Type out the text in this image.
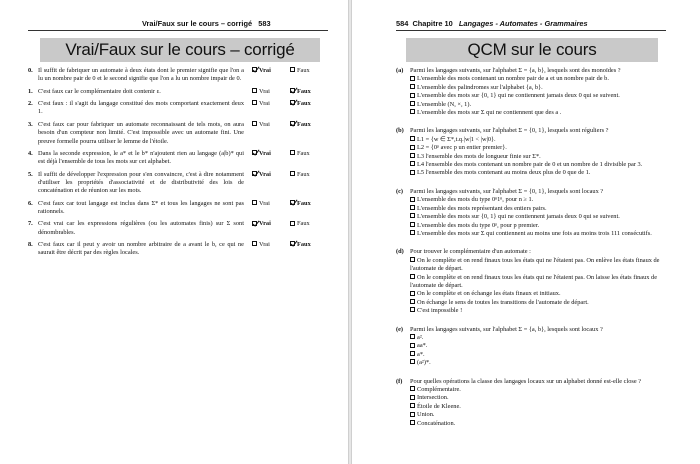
Vrai/Faux sur le cours – corrigé 583
Vrai/Faux sur le cours – corrigé
0. Il suffit de fabriquer un automate à deux états dont le premier signifie que l'on a lu un nombre pair de 0 et le second signifie que l'on a lu un nombre impair de 0.
Vrai	Faux
1. C'est faux car le complémentaire doit contenir ε.	Vrai	Faux
2. C'est faux : il s'agit du langage constitué des mots comportant exactement deux 1.
Vrai	Faux
3. C'est faux car pour fabriquer un automate reconnaissant de tels mots, on aura besoin d'un compteur non limité. C'est impossible avec un automate fini. Une preuve formelle pourra utiliser le lemme de l'étoile.
Vrai	Faux
4. Dans la seconde expression, le a* et le b* n'ajoutent rien au langage (a|b)* qui est déjà l'ensemble de tous les mots sur cet alphabet.
Vrai	Faux
5. Il suffit de développer l'expression pour s'en convaincre, c'est à dire notamment d'utiliser les propriétés d'associativité et de distributivité des lois de concaténation et de réunion sur les mots.
Vrai	Faux
6. C'est faux car tout langage est inclus dans Σ* et tous les langages ne sont pas rationnels.
Vrai	Faux
7. C'est vrai car les expressions régulières (ou les automates finis) sur Σ sont dénombrables.
Vrai	Faux
8. C'est faux car il peut y avoir un nombre arbitraire de a avant le b, ce qui ne saurait être décrit par des règles locales.
Vrai	Faux
584 Chapitre 10 Langages - Automates - Grammaires
QCM sur le cours
(a)	Parmi les langages suivants, sur l'alphabet Σ = {a, b}, lesquels sont des monoïdes ?
L'ensemble des mots contenant un nombre pair de a et un nombre pair de b.
L'ensemble des palindromes sur l'alphabet {a, b}.
L'ensemble des mots sur {0, 1} qui ne contiennent jamais deux 0 qui se suivent.
L'ensemble (N, ×, 1).
L'ensemble des mots sur Σ qui ne contiennent que des a .
(b) Parmi les langages suivants, sur l'alphabet Σ = {0, 1}, lesquels sont réguliers ?
L1 = {w ∈ Σ*,t.q.|w|1 < |w|0}.
L2 = {0ᵖ avec p un entier premier}.
L3 l'ensemble des mots de longueur finie sur Σ*.
L4 l'ensemble des mots contenant un nombre pair de 0 et un nombre de 1 divisible par 3.
L5 l'ensemble des mots contenant au moins deux plus de 0 que de 1.
(c)	Parmi les langages suivants, sur l'alphabet Σ = {0, 1}, lesquels sont locaux ?
L'ensemble des mots du type 0ⁿ1ⁿ, pour n ≥ 1.
L'ensemble des mots représentant des entiers pairs.
L'ensemble des mots sur {0, 1} qui ne contiennent jamais deux 0 qui se suivent.
L'ensemble des mots du type 0ᵖ, pour p premier.
L'ensemble des mots sur Σ qui contiennent au moins une fois au moins trois 111 consécutifs.
(d) Pour trouver le complémentaire d'un automate :
On le complète et on rend finaux tous les états qui ne l'étaient pas. On enlève les états finaux de l'automate de départ.
On le complète et on rend finaux tous les états qui ne l'étaient pas. On laisse les états finaux de l'automate de départ.
On le complète et on échange les états finaux et initiaux.
On échange le sens de toutes les transitions de l'automate de départ.
C'est impossible !
(e)	Parmi les langages suivants, sur l'alphabet Σ = {a, b}, lesquels sont locaux ?
a².
aa*.
a*.
(a²)*.
(f)	Pour quelles opérations la classe des langages locaux sur un alphabet donné est-elle close ?
Complémentaire.
Intersection.
Étoile de Kleene.
Union.
Concaténation.
